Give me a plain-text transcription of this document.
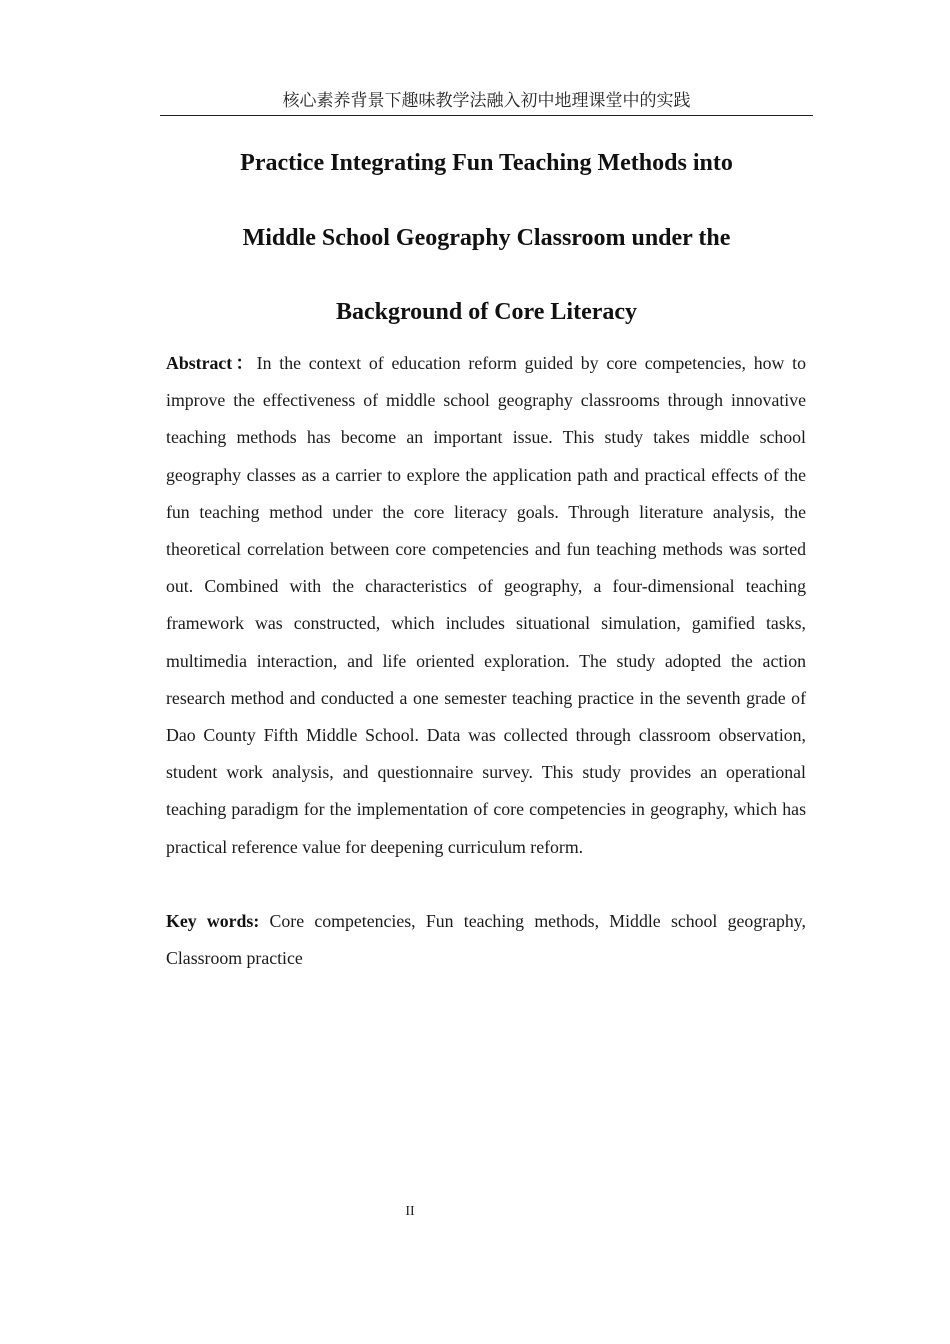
核心素养背景下趣味教学法融入初中地理课堂中的实践
Practice Integrating Fun Teaching Methods into
Middle School Geography Classroom under the
Background of Core Literacy

Abstract：In the context of education reform guided by core competencies, how to improve the effectiveness of middle school geography classrooms through innovative teaching methods has become an important issue. This study takes middle school geography classes as a carrier to explore the application path and practical effects of the fun teaching method under the core literacy goals. Through literature analysis, the theoretical correlation between core competencies and fun teaching methods was sorted out. Combined with the characteristics of geography, a four-dimensional teaching framework was constructed, which includes situational simulation, gamified tasks, multimedia interaction, and life oriented exploration. The study adopted the action research method and conducted a one semester teaching practice in the seventh grade of Dao County Fifth Middle School. Data was collected through classroom observation, student work analysis, and questionnaire survey. This study provides an operational teaching paradigm for the implementation of core competencies in geography, which has practical reference value for deepening curriculum reform.

Key words: Core competencies, Fun teaching methods, Middle school geography, Classroom practice

II
